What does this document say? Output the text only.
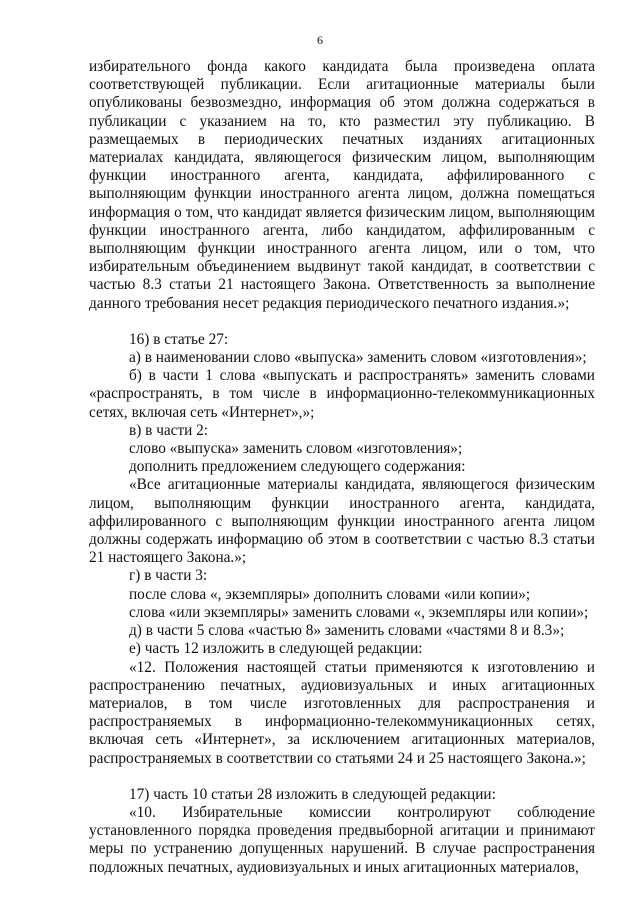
6

избирательного фонда какого кандидата была произведена оплата соответствующей публикации. Если агитационные материалы были опубликованы безвозмездно, информация об этом должна содержаться в публикации с указанием на то, кто разместил эту публикацию. В размещаемых в периодических печатных изданиях агитационных материалах кандидата, являющегося физическим лицом, выполняющим функции иностранного агента, кандидата, аффилированного с выполняющим функции иностранного агента лицом, должна помещаться информация о том, что кандидат является физическим лицом, выполняющим функции иностранного агента, либо кандидатом, аффилированным с выполняющим функции иностранного агента лицом, или о том, что избирательным объединением выдвинут такой кандидат, в соответствии с частью 8.3 статьи 21 настоящего Закона. Ответственность за выполнение данного требования несет редакция периодического печатного издания.»;

16) в статье 27:

а) в наименовании слово «выпуска» заменить словом «изготовления»;

б) в части 1 слова «выпускать и распространять» заменить словами «распространять, в том числе в информационно-телекоммуникационных сетях, включая сеть «Интернет»,»;

в) в части 2:

слово «выпуска» заменить словом «изготовления»;

дополнить предложением следующего содержания:

«Все агитационные материалы кандидата, являющегося физическим лицом, выполняющим функции иностранного агента, кандидата, аффилированного с выполняющим функции иностранного агента лицом должны содержать информацию об этом в соответствии с частью 8.3 статьи 21 настоящего Закона.»;

г) в части 3:

после слова «, экземпляры» дополнить словами «или копии»;

слова «или экземпляры» заменить словами «, экземпляры или копии»;

д) в части 5 слова «частью 8» заменить словами «частями 8 и 8.3»;

е) часть 12 изложить в следующей редакции:

«12. Положения настоящей статьи применяются к изготовлению и распространению печатных, аудиовизуальных и иных агитационных материалов, в том числе изготовленных для распространения и распространяемых в информационно-телекоммуникационных сетях, включая сеть «Интернет», за исключением агитационных материалов, распространяемых в соответствии со статьями 24 и 25 настоящего Закона.»;

17) часть 10 статьи 28 изложить в следующей редакции:

«10. Избирательные комиссии контролируют соблюдение установленного порядка проведения предвыборной агитации и принимают меры по устранению допущенных нарушений. В случае распространения подложных печатных, аудиовизуальных и иных агитационных материалов,
